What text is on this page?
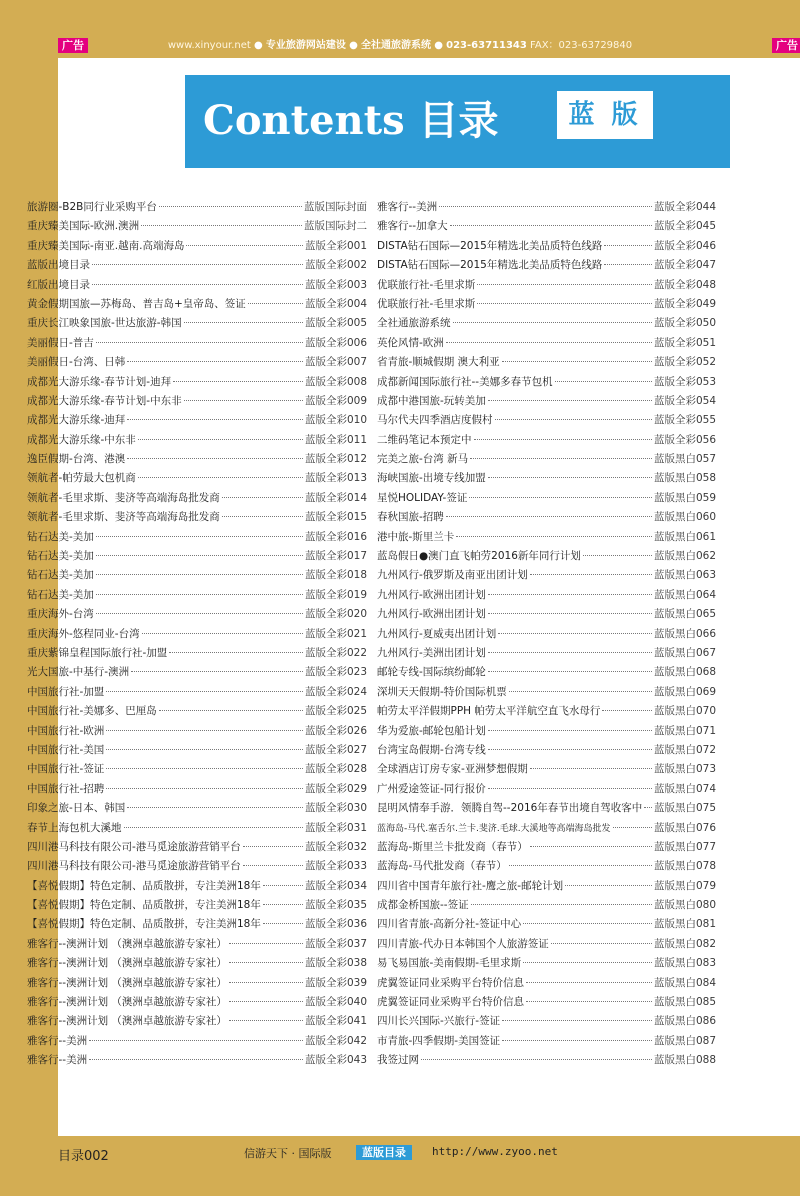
广告	www.xinyour.net ● 专业旅游网站建设 ● 全社通旅游系统 ● 023-63711343 FAX：023-63729840	广告
Contents 目录	蓝 版
旅游圈-B2B同行业采购平台	蓝版国际封面
重庆臻美国际-欧洲.澳洲	蓝版国际封二
重庆臻美国际-南亚.越南.高端海岛	蓝版全彩001
蓝版出境目录	蓝版全彩002
红版出境目录	蓝版全彩003
黄金假期国旅—苏梅岛、普吉岛+皇帝岛、签证	蓝版全彩004
重庆长江映象国旅-世达旅游-韩国	蓝版全彩005
美丽假日-普吉	蓝版全彩006
美丽假日-台湾、日韩	蓝版全彩007
成都光大游乐缘-春节计划-迪拜	蓝版全彩008
成都光大游乐缘-春节计划-中东非	蓝版全彩009
成都光大游乐缘-迪拜	蓝版全彩010
成都光大游乐缘-中东非	蓝版全彩011
逸臣假期-台湾、港澳	蓝版全彩012
领航者-帕劳最大包机商	蓝版全彩013
领航者-毛里求斯、斐济等高端海岛批发商	蓝版全彩014
领航者-毛里求斯、斐济等高端海岛批发商	蓝版全彩015
钻石达美-美加	蓝版全彩016
钻石达美-美加	蓝版全彩017
钻石达美-美加	蓝版全彩018
钻石达美-美加	蓝版全彩019
重庆海外-台湾	蓝版全彩020
重庆海外-悠程同业-台湾	蓝版全彩021
重庆紫锦皇程国际旅行社-加盟	蓝版全彩022
光大国旅-中基行-澳洲	蓝版全彩023
中国旅行社-加盟	蓝版全彩024
中国旅行社-美娜多、巴厘岛	蓝版全彩025
中国旅行社-欧洲	蓝版全彩026
中国旅行社-美国	蓝版全彩027
中国旅行社-签证	蓝版全彩028
中国旅行社-招聘	蓝版全彩029
印象之旅-日本、韩国	蓝版全彩030
春节上海包机大溪地	蓝版全彩031
四川港马科技有限公司-港马觅途旅游营销平台	蓝版全彩032
四川港马科技有限公司-港马觅途旅游营销平台	蓝版全彩033
【喜悦假期】特色定制、品质散拼，专注美洲18年	蓝版全彩034
【喜悦假期】特色定制、品质散拼，专注美洲18年	蓝版全彩035
【喜悦假期】特色定制、品质散拼，专注美洲18年	蓝版全彩036
雅客行--澳洲计划 （澳洲卓越旅游专家社）	蓝版全彩037
雅客行--澳洲计划 （澳洲卓越旅游专家社）	蓝版全彩038
雅客行--澳洲计划 （澳洲卓越旅游专家社）	蓝版全彩039
雅客行--澳洲计划 （澳洲卓越旅游专家社）	蓝版全彩040
雅客行--澳洲计划 （澳洲卓越旅游专家社）	蓝版全彩041
雅客行--美洲	蓝版全彩042
雅客行--美洲	蓝版全彩043
雅客行--美洲	蓝版全彩044
雅客行--加拿大	蓝版全彩045
DISTA钻石国际—2015年精选北美品质特色线路	蓝版全彩046
DISTA钻石国际—2015年精选北美品质特色线路	蓝版全彩047
优联旅行社-毛里求斯	蓝版全彩048
优联旅行社-毛里求斯	蓝版全彩049
全社通旅游系统	蓝版全彩050
英伦风情-欧洲	蓝版全彩051
省青旅-顺城假期 澳大利亚	蓝版全彩052
成都新闻国际旅行社--美娜多春节包机	蓝版全彩053
成都中港国旅-玩转美加	蓝版全彩054
马尔代夫四季酒店度假村	蓝版全彩055
二维码笔记本预定中	蓝版全彩056
完美之旅-台湾 新马	蓝版黑白057
海峡国旅-出境专线加盟	蓝版黑白058
星悦HOLIDAY-签证	蓝版黑白059
春秋国旅-招聘	蓝版黑白060
港中旅-斯里兰卡	蓝版黑白061
蓝岛假日●澳门直飞帕劳2016新年同行计划	蓝版黑白062
九州风行-俄罗斯及南亚出团计划	蓝版黑白063
九州风行-欧洲出团计划	蓝版黑白064
九州风行-欧洲出团计划	蓝版黑白065
九州风行-夏威夷出团计划	蓝版黑白066
九州风行-美洲出团计划	蓝版黑白067
邮轮专线-国际缤纷邮轮	蓝版黑白068
深圳天天假期-特价国际机票	蓝版黑白069
帕劳太平洋假期PPH 帕劳太平洋航空直飞水母行	蓝版黑白070
华为爱旅-邮轮包船计划	蓝版黑白071
台湾宝岛假期-台湾专线	蓝版黑白072
全球酒店订房专家-亚洲梦想假期	蓝版黑白073
广州爱途签证-同行报价	蓝版黑白074
昆明风情奉手游．领腾自驾--2016年春节出境自驾收客中 蓝版黑白075
蓝海岛-马代.塞舌尔.兰卡.斐济.毛球.大溪地等高端海岛批发	蓝版黑白076
蓝海岛-斯里兰卡批发商（春节）	蓝版黑白077
蓝海岛-马代批发商（春节）	蓝版黑白078
四川省中国青年旅行社-鹰之旅-邮轮计划	蓝版黑白079
成都金桥国旅--签证	蓝版黑白080
四川省青旅-高新分社-签证中心	蓝版黑白081
四川青旅-代办日本韩国个人旅游签证	蓝版黑白082
易飞易国旅-美南假期-毛里求斯	蓝版黑白083
虎翼签证同业采购平台特价信息	蓝版黑白084
虎翼签证同业采购平台特价信息	蓝版黑白085
四川长兴国际-兴旅行-签证	蓝版黑白086
市青旅-四季假期-美国签证	蓝版黑白087
我签过网	蓝版黑白088
目录002	信游天下 · 国际版	蓝版目录	http://www.zyoo.net
